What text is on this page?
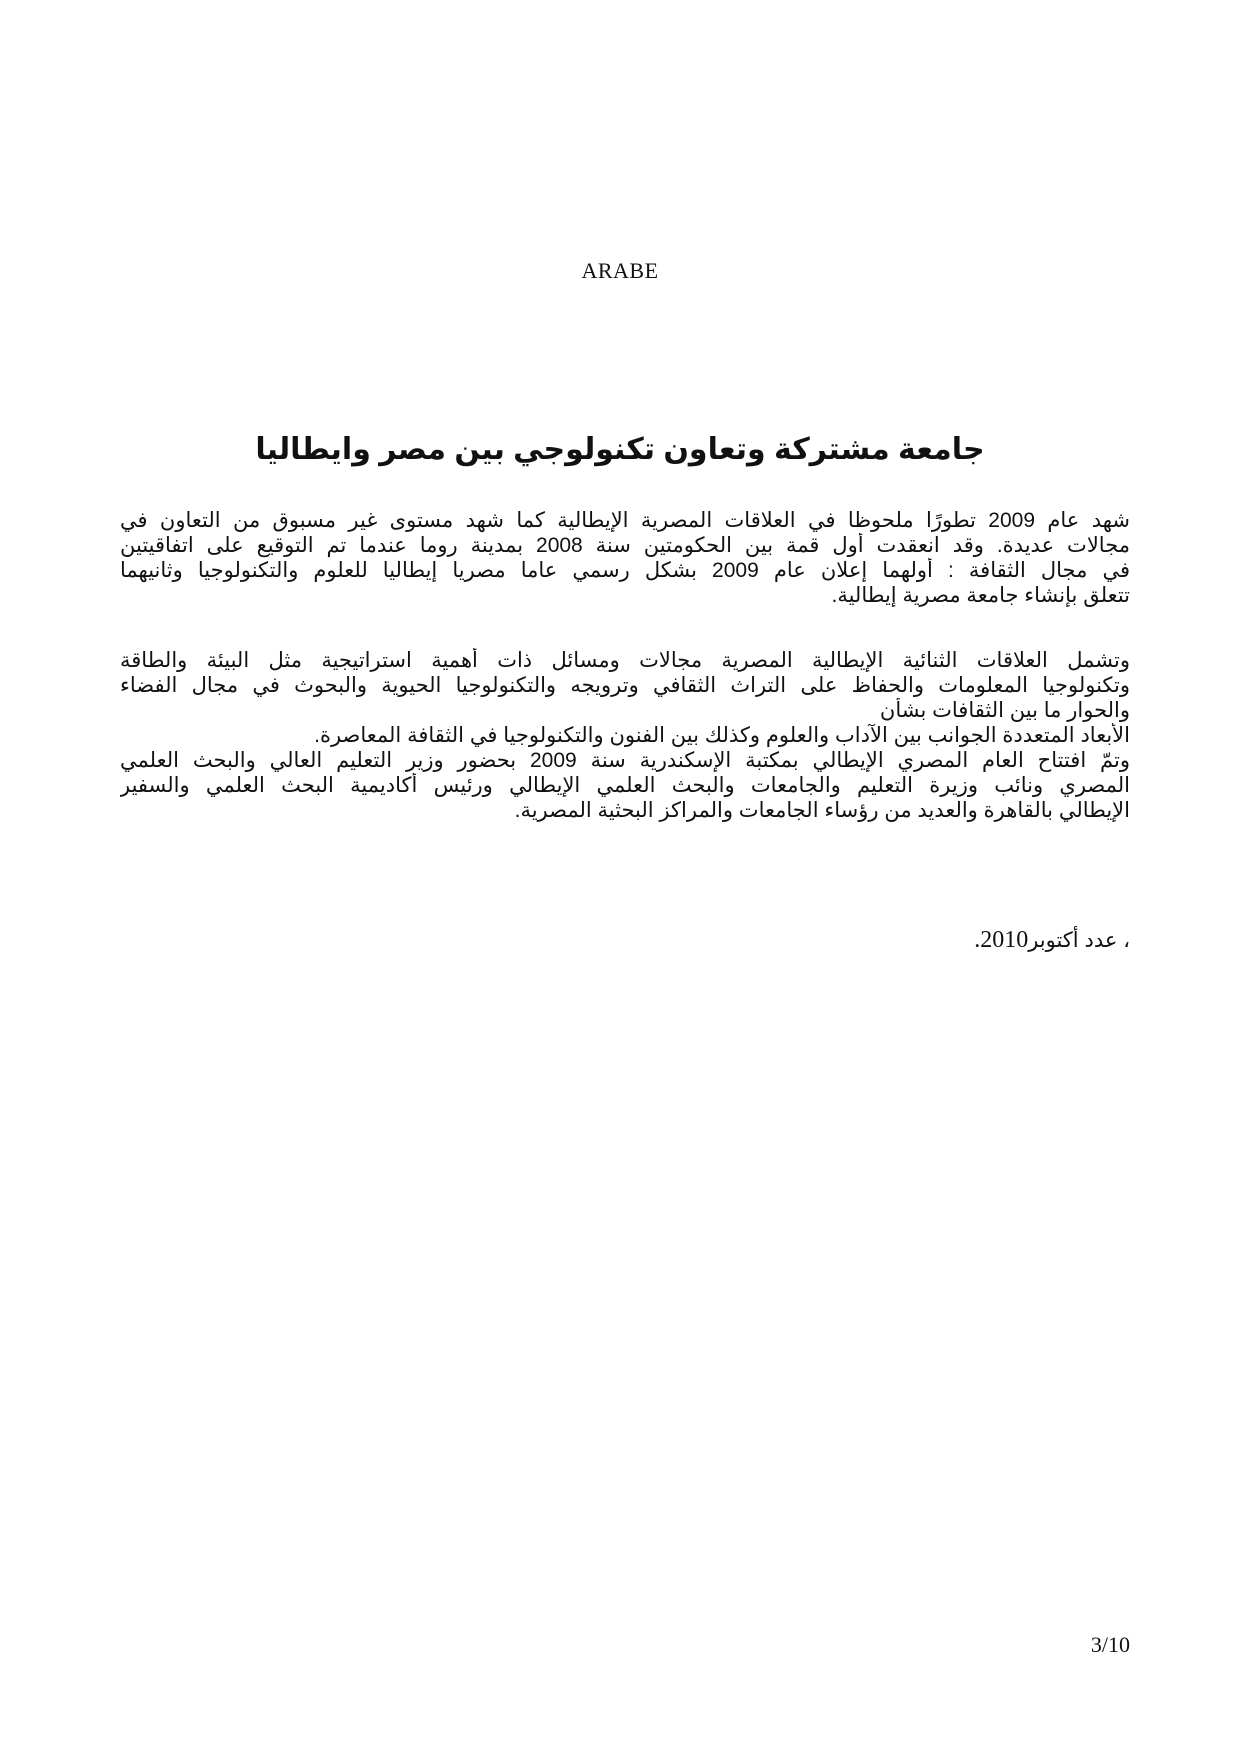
ARABE
جامعة مشتركة وتعاون تكنولوجي بين مصر وايطاليا

شهد عام 2009 تطورًا ملحوظا في العلاقات المصرية الإيطالية كما شهد مستوى غير مسبوق من التعاون في
مجالات عديدة. وقد انعقدت أول قمة بين الحكومتين سنة 2008 بمدينة روما عندما تم التوقيع على اتفاقيتين
في مجال الثقافة : أولهما إعلان عام 2009 بشكل رسمي عاما مصريا إيطاليا للعلوم والتكنولوجيا وثانيهما
تتعلق بإنشاء جامعة مصرية إيطالية.

وتشمل العلاقات الثنائية الإيطالية المصرية مجالات ومسائل ذات أهمية استراتيجية مثل البيئة والطاقة
وتكنولوجيا المعلومات والحفاظ على التراث الثقافي وترويجه والتكنولوجيا الحيوية والبحوث في مجال الفضاء
والحوار ما بين الثقافات بشأن
الأبعاد المتعددة الجوانب بين الآداب والعلوم وكذلك بين الفنون والتكنولوجيا في الثقافة المعاصرة.
وتمّ افتتاح العام المصري الإيطالي بمكتبة الإسكندرية سنة 2009 بحضور وزير التعليم العالي والبحث العلمي
المصري ونائب وزيرة التعليم والجامعات والبحث العلمي الإيطالي ورئيس أكاديمية البحث العلمي والسفير
الإيطالي بالقاهرة والعديد من رؤساء الجامعات والمراكز البحثية المصرية.

، عدد أكتوبر2010.
3/10
